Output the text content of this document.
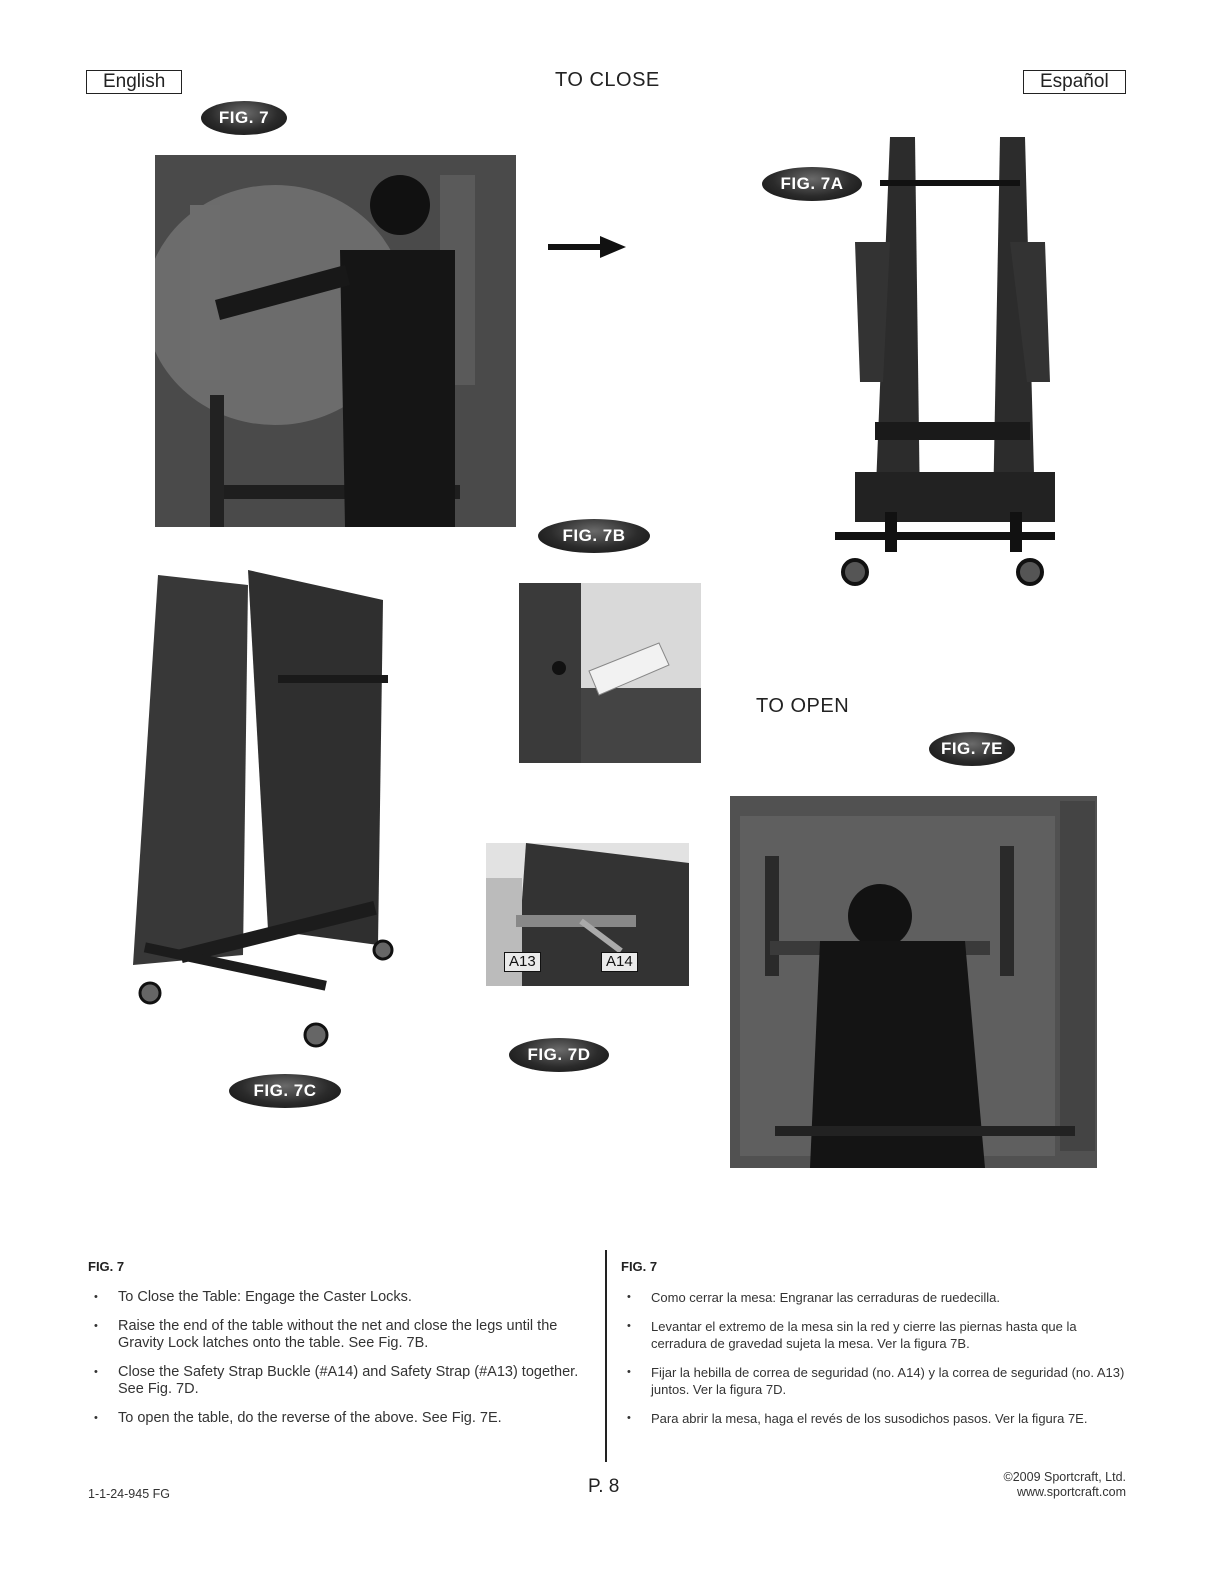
English	TO CLOSE	Español
FIG. 7
FIG. 7A
FIG. 7B
TO OPEN
FIG. 7C
A13	A14
FIG. 7D
FIG. 7E
FIG. 7
• To Close the Table: Engage the Caster Locks.
• Raise the end of the table without the net and close the legs until the Gravity Lock latches onto the table. See Fig. 7B.
• Close the Safety Strap Buckle (#A14) and Safety Strap (#A13) together. See Fig. 7D.
• To open the table, do the reverse of the above. See Fig. 7E.
FIG. 7
• Como cerrar la mesa: Engranar las cerraduras de ruedecilla.
• Levantar el extremo de la mesa sin la red y cierre las piernas hasta que la cerradura de gravedad sujeta la mesa. Ver la figura 7B.
• Fijar la hebilla de correa de seguridad (no. A14) y la correa de seguridad (no. A13) juntos. Ver la figura 7D.
• Para abrir la mesa, haga el revés de los susodichos pasos. Ver la figura 7E.
1-1-24-945 FG	P. 8	©2009 Sportcraft, Ltd.
www.sportcraft.com
